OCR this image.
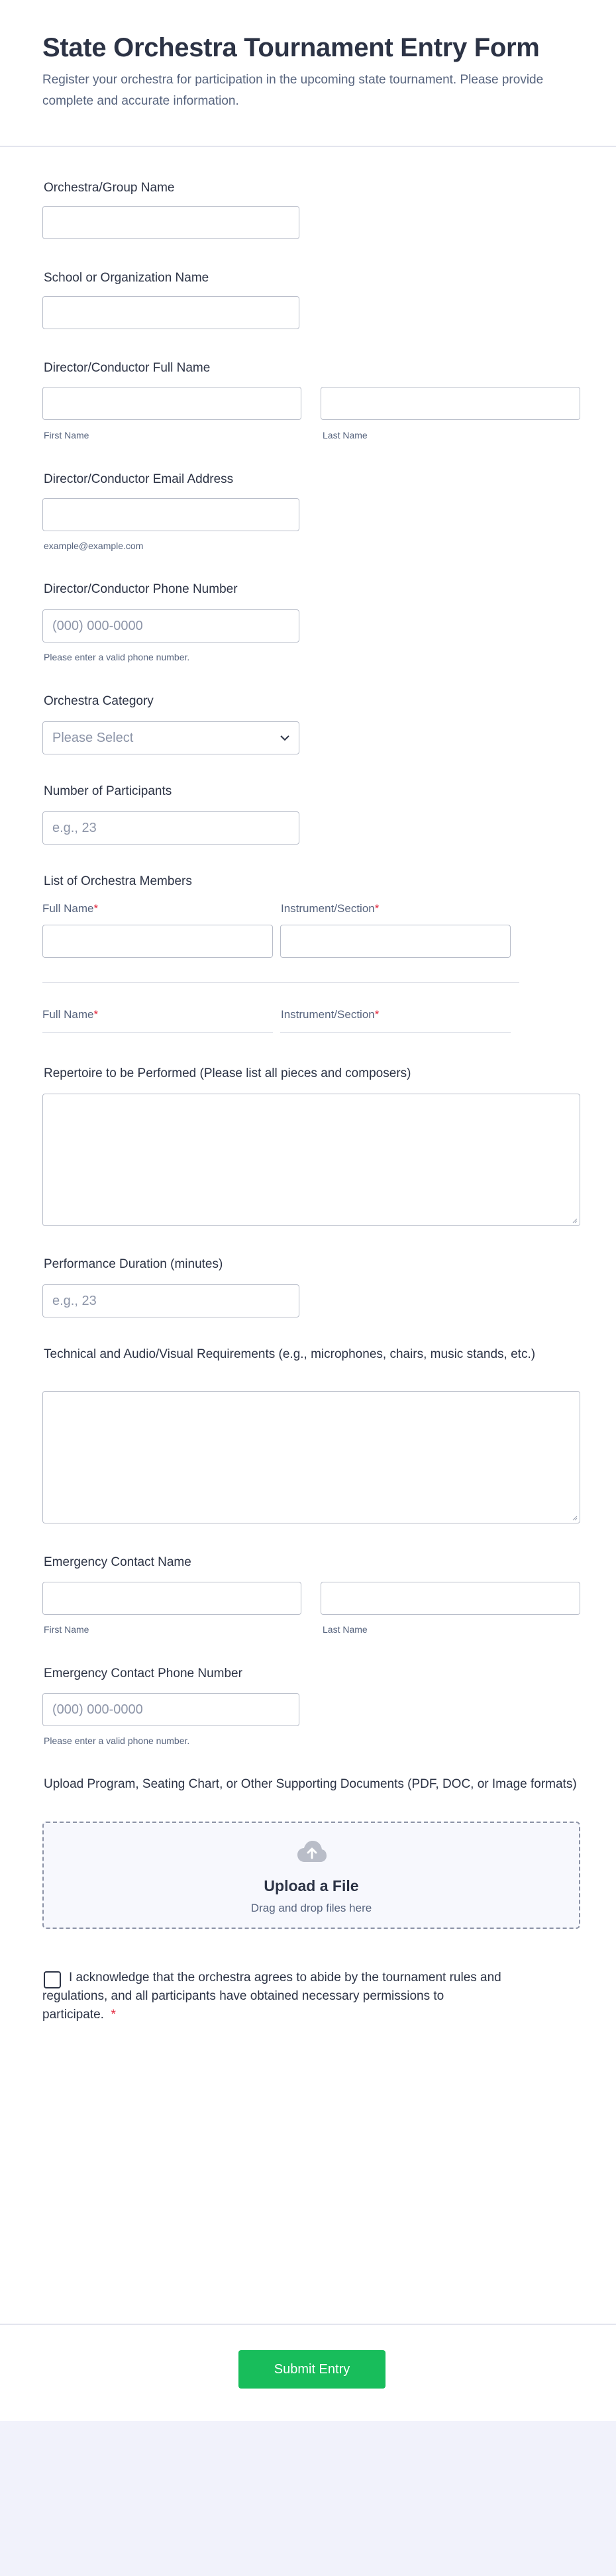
State Orchestra Tournament Entry Form
Register your orchestra for participation in the upcoming state tournament. Please provide complete and accurate information.
Orchestra/Group Name
School or Organization Name
Director/Conductor Full Name
First Name	Last Name
Director/Conductor Email Address
example@example.com
Director/Conductor Phone Number
(000) 000-0000
Please enter a valid phone number.
Orchestra Category
Please Select
Number of Participants
e.g., 23
List of Orchestra Members
Full Name*	Instrument/Section*
Full Name*	Instrument/Section*
Repertoire to be Performed (Please list all pieces and composers)
Performance Duration (minutes)
e.g., 23
Technical and Audio/Visual Requirements (e.g., microphones, chairs, music stands, etc.)
Emergency Contact Name
First Name	Last Name
Emergency Contact Phone Number
(000) 000-0000
Please enter a valid phone number.
Upload Program, Seating Chart, or Other Supporting Documents (PDF, DOC, or Image formats)
Upload a File
Drag and drop files here
I acknowledge that the orchestra agrees to abide by the tournament rules and regulations, and all participants have obtained necessary permissions to participate. *
Submit Entry
